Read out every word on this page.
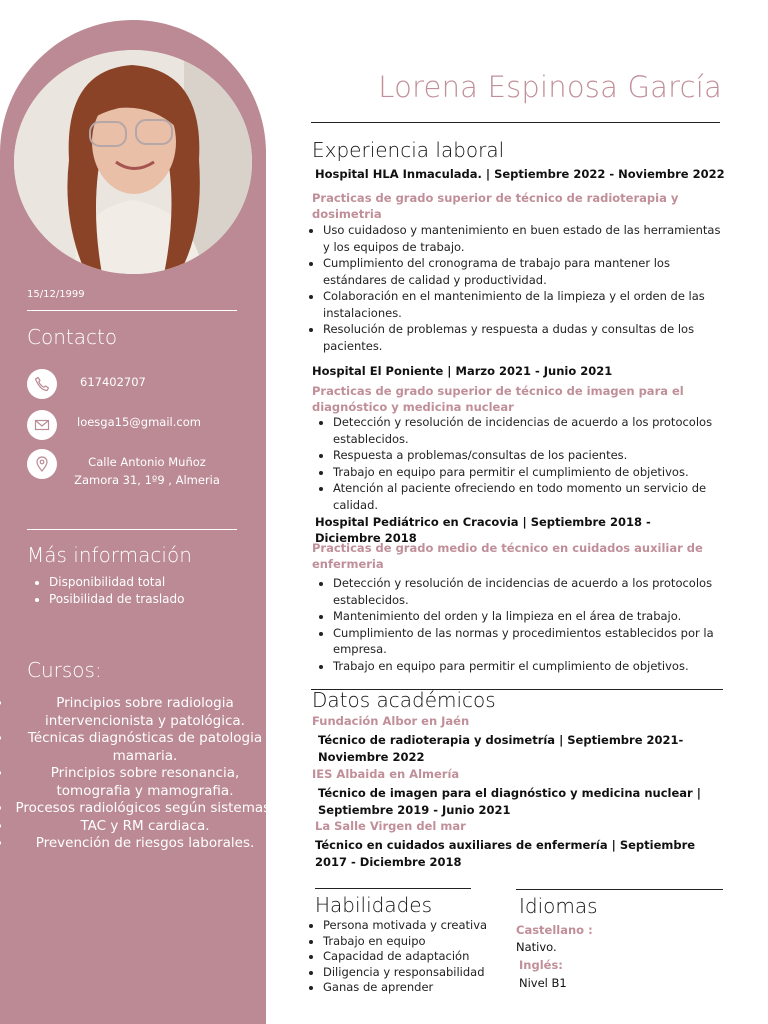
15/12/1999
Contacto
617402707
loesga15@gmail.com
Calle Antonio Muñoz
Zamora 31, 1º9 , Almeria
Más información
• Disponibilidad total
• Posibilidad de traslado
Cursos:
• Principios sobre radiologia intervencionista y patológica.
• Técnicas diagnósticas de patologia mamaria.
• Principios sobre resonancia, tomografia y mamografia.
• Procesos radiológicos según sistemas.
• TAC y RM cardiaca.
• Prevención de riesgos laborales.
Lorena Espinosa García
Experiencia laboral
Hospital HLA Inmaculada. | Septiembre 2022 - Noviembre 2022
Practicas de grado superior de técnico de radioterapia y dosimetria
• Uso cuidadoso y mantenimiento en buen estado de las herramientas y los equipos de trabajo.
• Cumplimiento del cronograma de trabajo para mantener los estándares de calidad y productividad.
• Colaboración en el mantenimiento de la limpieza y el orden de las instalaciones.
• Resolución de problemas y respuesta a dudas y consultas de los pacientes.
Hospital El Poniente | Marzo 2021 - Junio 2021
Practicas de grado superior de técnico de imagen para el diagnóstico y medicina nuclear
• Detección y resolución de incidencias de acuerdo a los protocolos establecidos.
• Respuesta a problemas/consultas de los pacientes.
• Trabajo en equipo para permitir el cumplimiento de objetivos.
• Atención al paciente ofreciendo en todo momento un servicio de calidad.
Hospital Pediátrico en Cracovia | Septiembre 2018 - Diciembre 2018
Practicas de grado medio de técnico en cuidados auxiliar de enfermeria
• Detección y resolución de incidencias de acuerdo a los protocolos establecidos.
• Mantenimiento del orden y la limpieza en el área de trabajo.
• Cumplimiento de las normas y procedimientos establecidos por la empresa.
• Trabajo en equipo para permitir el cumplimiento de objetivos.
Datos académicos
Fundación Albor en Jaén
Técnico de radioterapia y dosimetría | Septiembre 2021- Noviembre 2022
IES Albaida en Almería
Técnico de imagen para el diagnóstico y medicina nuclear | Septiembre 2019 - Junio 2021
La Salle Virgen del mar
Técnico en cuidados auxiliares de enfermería | Septiembre 2017 - Diciembre 2018
Habilidades
• Persona motivada y creativa
• Trabajo en equipo
• Capacidad de adaptación
• Diligencia y responsabilidad
• Ganas de aprender
Idiomas
Castellano :
Nativo.
Inglés:
Nivel B1
